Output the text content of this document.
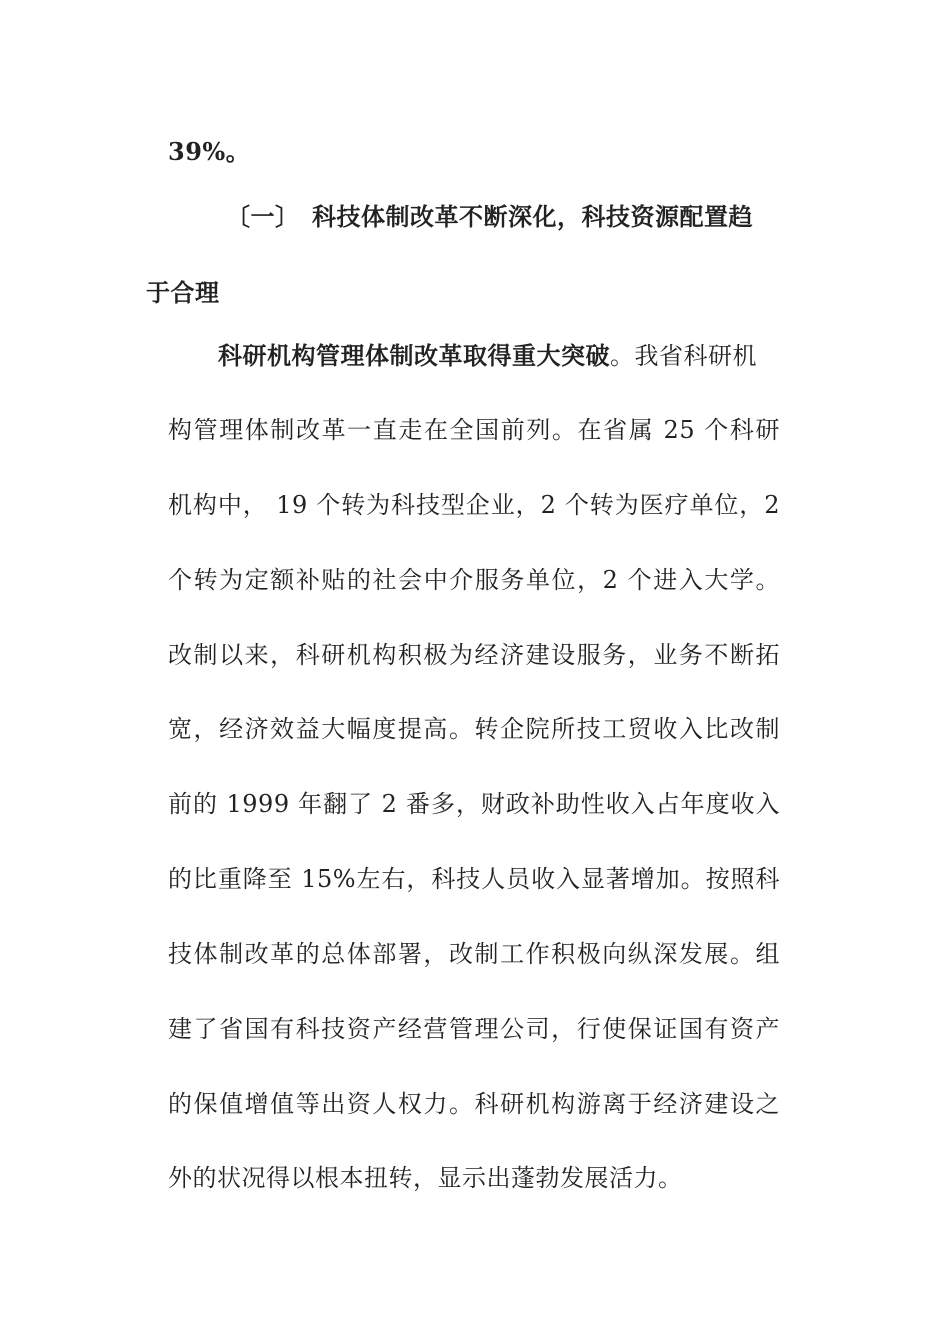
39%。
〔一〕 科技体制改革不断深化，科技资源配置趋
于合理
科研机构管理体制改革取得重大突破。我省科研机
构管理体制改革一直走在全国前列。在省属 25 个科研
机构中， 19 个转为科技型企业，2 个转为医疗单位，2
个转为定额补贴的社会中介服务单位，2 个进入大学。
改制以来，科研机构积极为经济建设服务，业务不断拓
宽，经济效益大幅度提高。转企院所技工贸收入比改制
前的 1999 年翻了 2 番多，财政补助性收入占年度收入
的比重降至 15%左右，科技人员收入显著增加。按照科
技体制改革的总体部署，改制工作积极向纵深发展。组
建了省国有科技资产经营管理公司，行使保证国有资产
的保值增值等出资人权力。科研机构游离于经济建设之
外的状况得以根本扭转，显示出蓬勃发展活力。
